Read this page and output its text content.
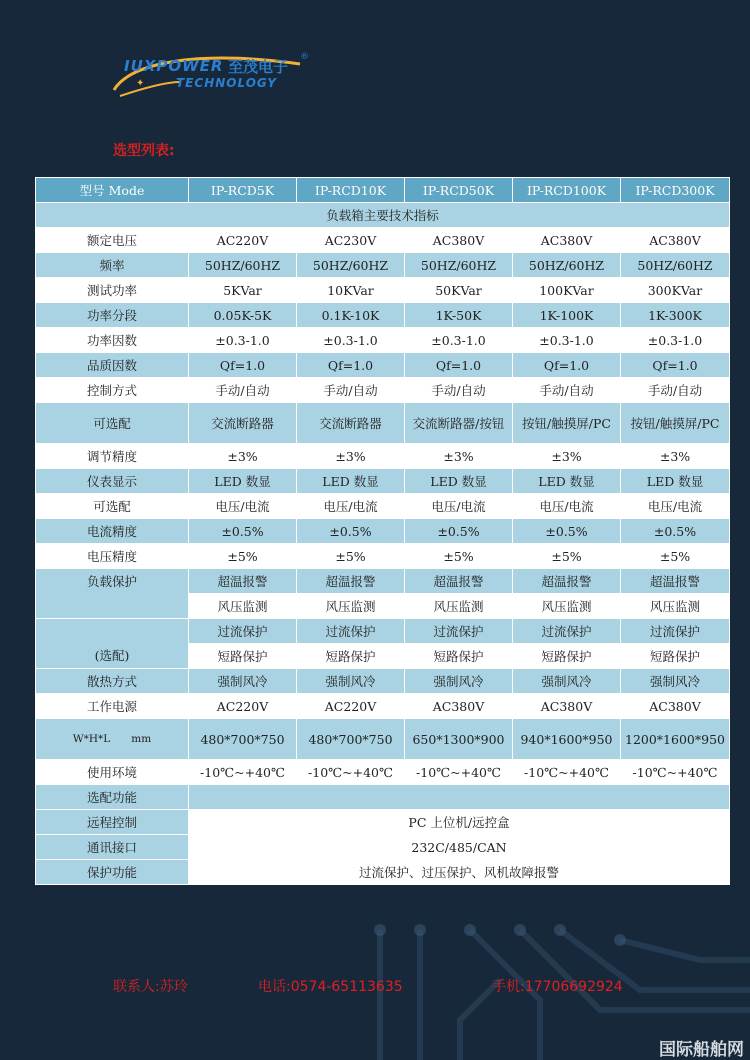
✦
IUXPOWER 至茂电子
®
TECHNOLOGY
选型列表:
型号 Mode	IP-RCD5K	IP-RCD10K	IP-RCD50K	IP-RCD100K	IP-RCD300K
负载箱主要技术指标					
额定电压	AC220V	AC230V	AC380V	AC380V	AC380V
频率	50HZ/60HZ	50HZ/60HZ	50HZ/60HZ	50HZ/60HZ	50HZ/60HZ
测试功率	5KVar	10KVar	50KVar	100KVar	300KVar
功率分段	0.05K-5K	0.1K-10K	1K-50K	1K-100K	1K-300K
功率因数	±0.3-1.0	±0.3-1.0	±0.3-1.0	±0.3-1.0	±0.3-1.0
品质因数	Qf=1.0	Qf=1.0	Qf=1.0	Qf=1.0	Qf=1.0
控制方式	手动/自动	手动/自动	手动/自动	手动/自动	手动/自动
可选配	交流断路器	交流断路器	交流断路器/按钮	按钮/触摸屏/PC	按钮/触摸屏/PC
调节精度	±3%	±3%	±3%	±3%	±3%
仪表显示	LED 数显	LED 数显	LED 数显	LED 数显	LED 数显
可选配	电压/电流	电压/电流	电压/电流	电压/电流	电压/电流
电流精度	±0.5%	±0.5%	±0.5%	±0.5%	±0.5%
电压精度	±5%	±5%	±5%	±5%	±5%
负载保护	超温报警	超温报警	超温报警	超温报警	超温报警
	风压监测	风压监测	风压监测	风压监测	风压监测
(选配)	过流保护	过流保护	过流保护	过流保护	过流保护
	短路保护	短路保护	短路保护	短路保护	短路保护
散热方式	强制风冷	强制风冷	强制风冷	强制风冷	强制风冷
工作电源	AC220V	AC220V	AC380V	AC380V	AC380V
W*H*L　　mm	480*700*750	480*700*750	650*1300*900	940*1600*950	1200*1600*950
使用环境	-10℃~+40℃	-10℃~+40℃	-10℃~+40℃	-10℃~+40℃	-10℃~+40℃
选配功能					
远程控制	PC 上位机/远控盒				
通讯接口	232C/485/CAN				
保护功能	过流保护、过压保护、风机故障报警				
联系人:苏玲	电话:0574-65113635	手机:17706692924
国际船舶网
